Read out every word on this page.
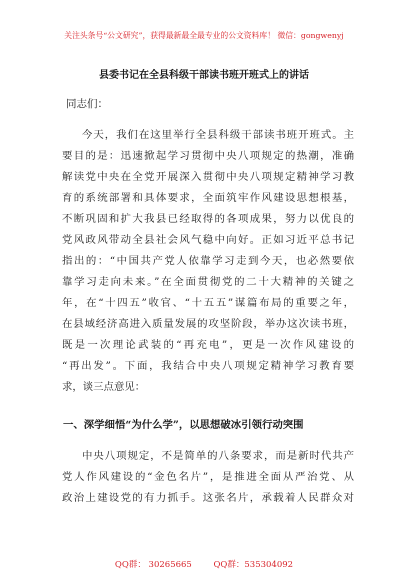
关注头条号“公文研究”，获得最新最全最专业的公文资料库！ 微信：gongwenyj
县委书记在全县科级干部读书班开班式上的讲话
同志们：
今天，我们在这里举行全县科级干部读书班开班式。主
要目的是：迅速掀起学习贯彻中央八项规定的热潮，准确
解读党中央在全党开展深入贯彻中央八项规定精神学习教
育的系统部署和具体要求，全面筑牢作风建设思想根基，
不断巩固和扩大我县已经取得的各项成果，努力以优良的
党风政风带动全县社会风气稳中向好。正如习近平总书记
指出的：“中国共产党人依靠学习走到今天，也必然要依
靠学习走向未来。”在全面贯彻党的二十大精神的关键之
年，在“十四五”收官、“十五五”谋篇布局的重要之年，
在县域经济高进入质量发展的攻坚阶段，举办这次读书班，
既是一次理论武装的“再充电”，更是一次作风建设的
“再出发”。下面，我结合中央八项规定精神学习教育要
求，谈三点意见：
一、深学细悟“为什么学”，以思想破冰引领行动突围
中央八项规定，不是简单的八条要求，而是新时代共产
党人作风建设的“金色名片”，是推进全面从严治党、从
政治上建设党的有力抓手。这张名片，承载着人民群众对
QQ群： 30265665        QQ群：535304092
